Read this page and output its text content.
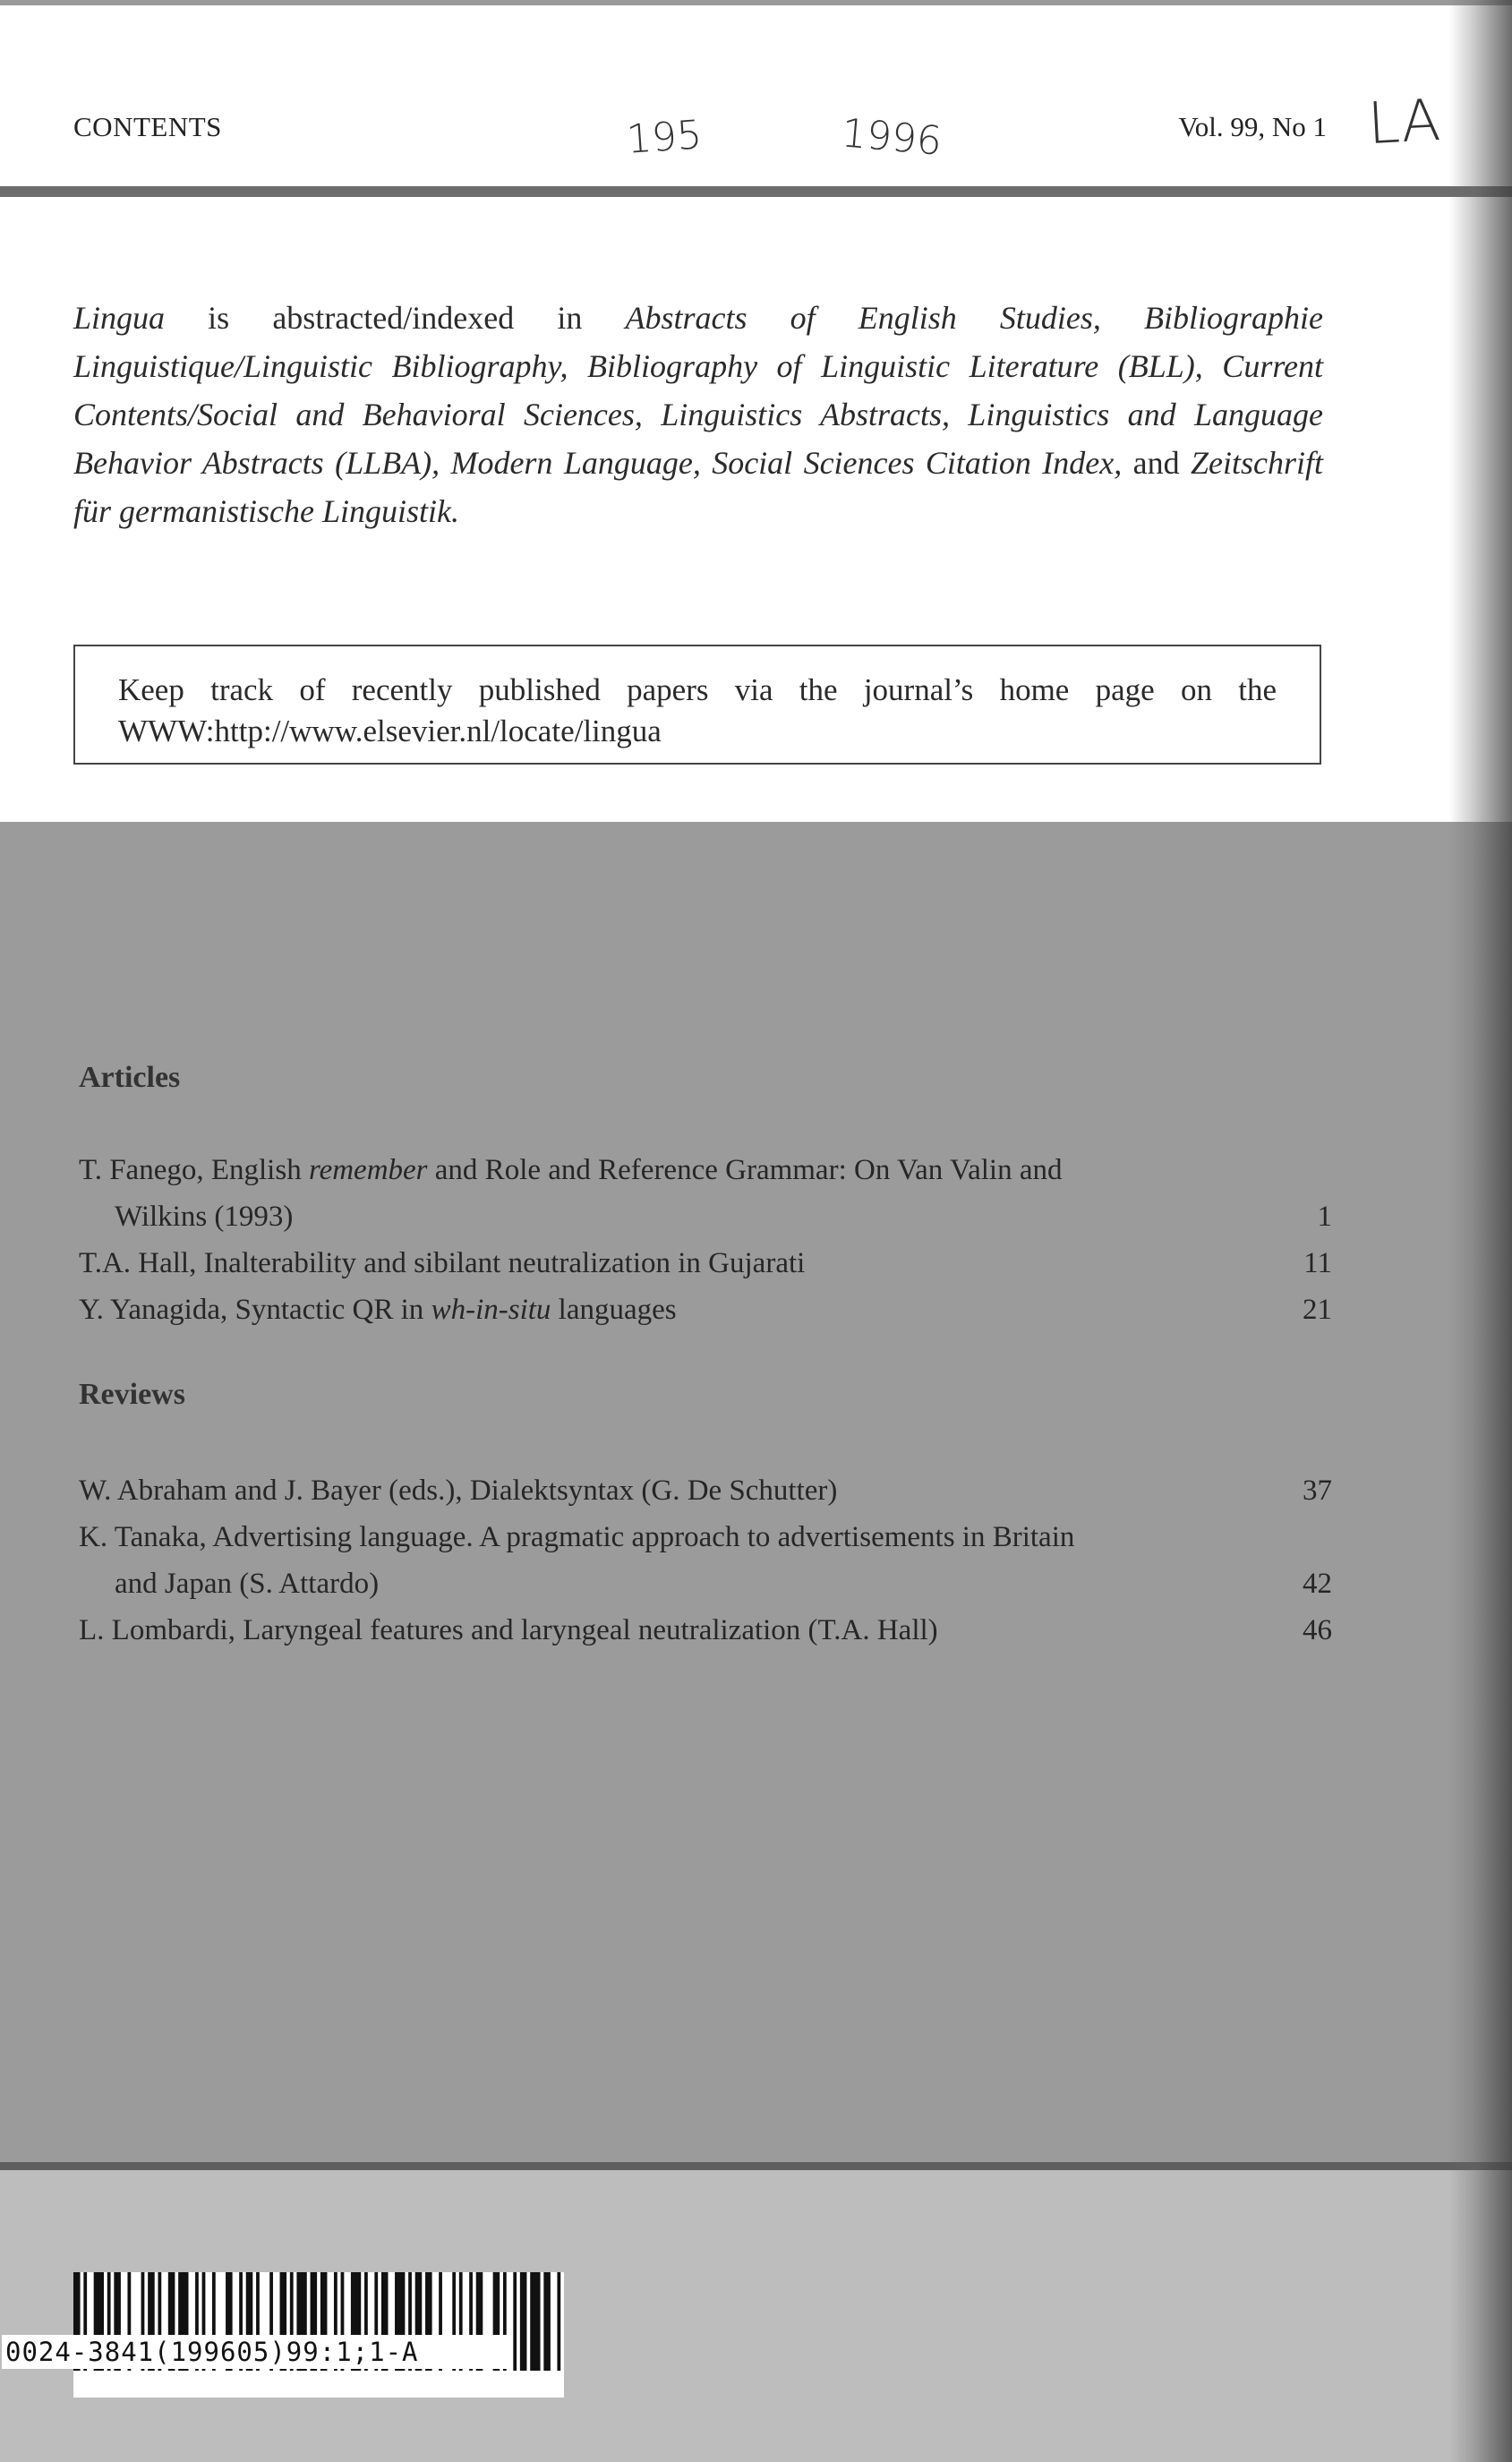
CONTENTS	Vol. 99, No 1
195	1996	LA
Lingua is abstracted/indexed in Abstracts of English Studies, Bibliographie Linguistique/Linguistic Bibliography, Bibliography of Linguistic Literature (BLL), Current Contents/Social and Behavioral Sciences, Linguistics Abstracts, Linguistics and Language Behavior Abstracts (LLBA), Modern Language, Social Sciences Citation Index, and Zeitschrift für germanistische Linguistik.
Keep track of recently published papers via the journal’s home page on the WWW:http://www.elsevier.nl/locate/lingua
Articles
T. Fanego, English remember and Role and Reference Grammar: On Van Valin and
Wilkins (1993)	1
T.A. Hall, Inalterability and sibilant neutralization in Gujarati	11
Y. Yanagida, Syntactic QR in wh-in-situ languages	21
Reviews
W. Abraham and J. Bayer (eds.), Dialektsyntax (G. De Schutter)	37
K. Tanaka, Advertising language. A pragmatic approach to advertisements in Britain
and Japan (S. Attardo)	42
L. Lombardi, Laryngeal features and laryngeal neutralization (T.A. Hall)	46
0024-3841(199605)99:1;1-A
